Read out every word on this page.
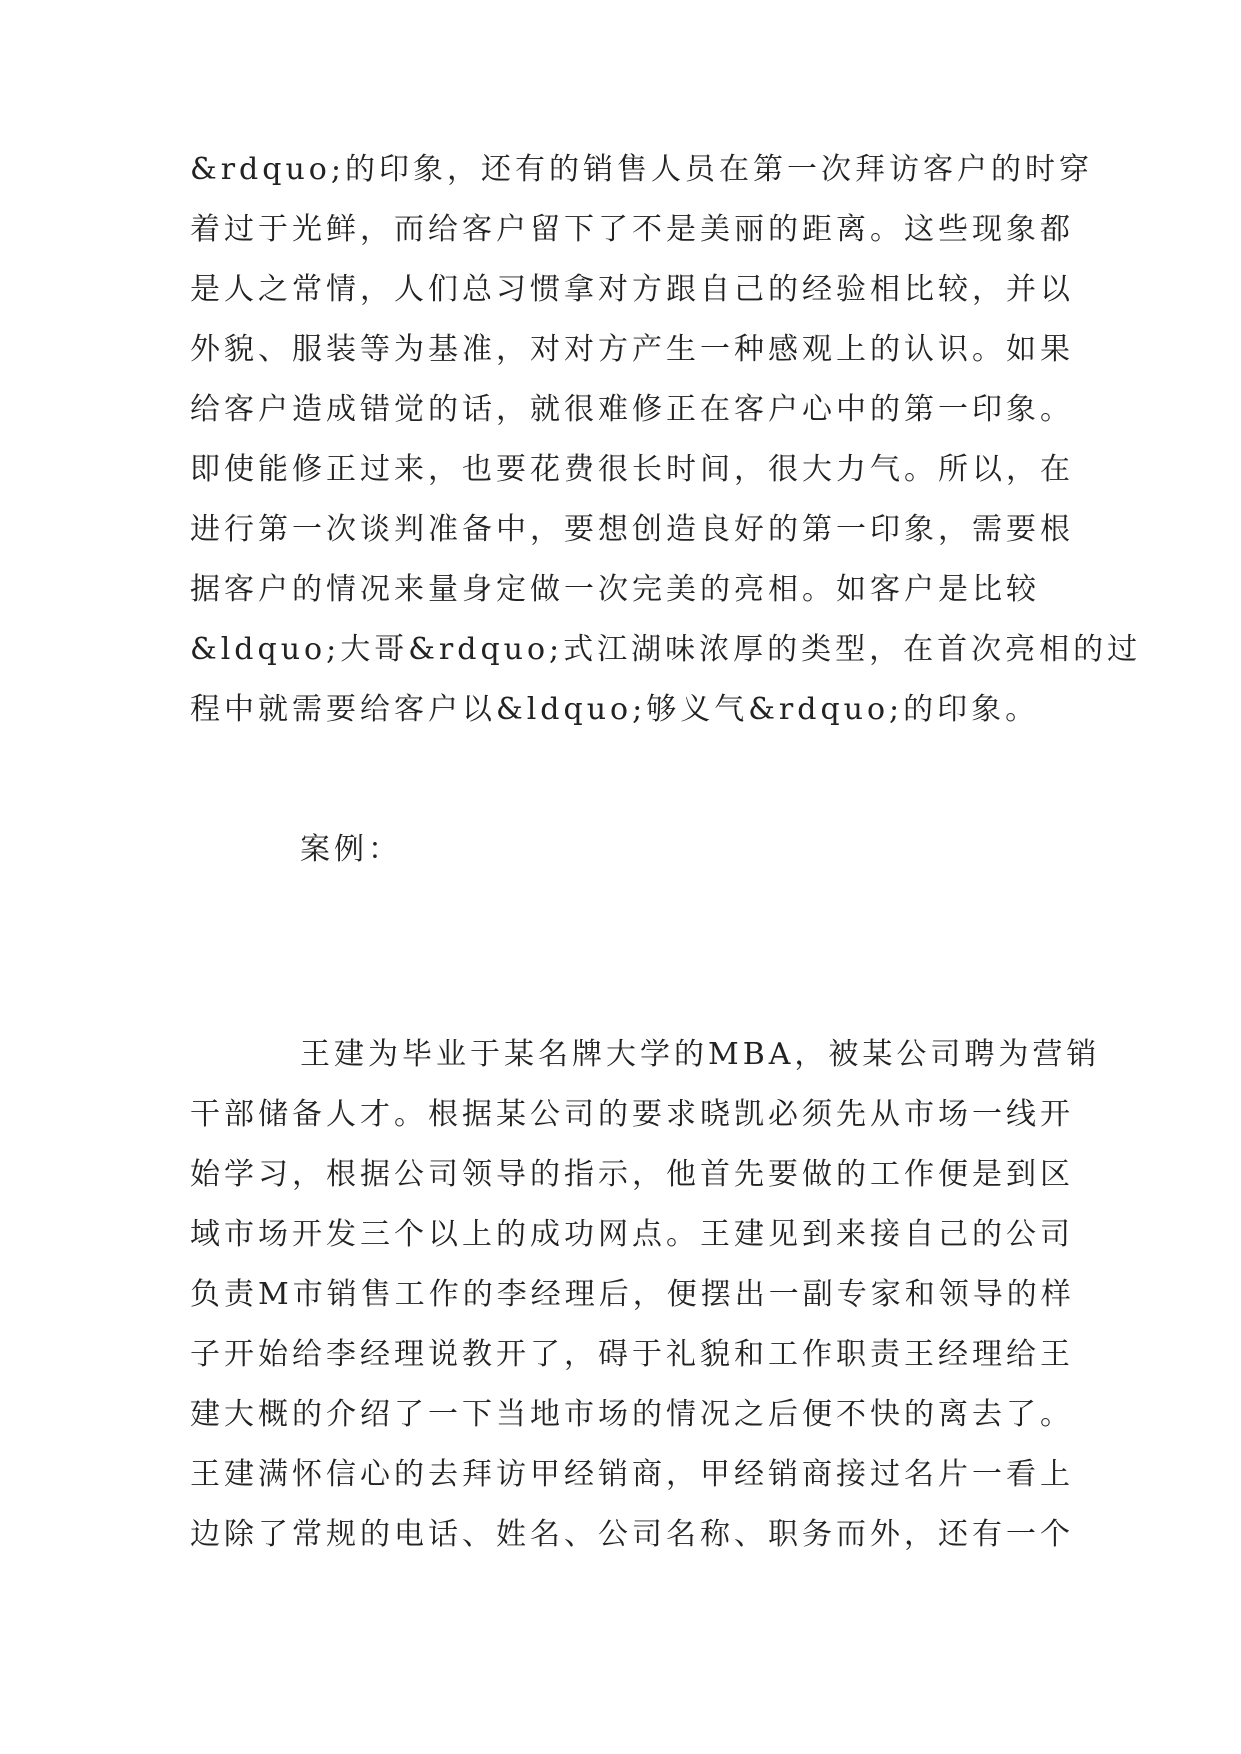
&rdquo;的印象，还有的销售人员在第一次拜访客户的时穿
着过于光鲜，而给客户留下了不是美丽的距离。这些现象都
是人之常情，人们总习惯拿对方跟自己的经验相比较，并以
外貌、服装等为基准，对对方产生一种感观上的认识。如果
给客户造成错觉的话，就很难修正在客户心中的第一印象。
即使能修正过来，也要花费很长时间，很大力气。所以，在
进行第一次谈判准备中，要想创造良好的第一印象，需要根
据客户的情况来量身定做一次完美的亮相。如客户是比较
&ldquo;大哥&rdquo;式江湖味浓厚的类型，在首次亮相的过
程中就需要给客户以&ldquo;够义气&rdquo;的印象。
案例：
王建为毕业于某名牌大学的MBA，被某公司聘为营销
干部储备人才。根据某公司的要求晓凯必须先从市场一线开
始学习，根据公司领导的指示，他首先要做的工作便是到区
域市场开发三个以上的成功网点。王建见到来接自己的公司
负责M市销售工作的李经理后，便摆出一副专家和领导的样
子开始给李经理说教开了，碍于礼貌和工作职责王经理给王
建大概的介绍了一下当地市场的情况之后便不快的离去了。
王建满怀信心的去拜访甲经销商，甲经销商接过名片一看上
边除了常规的电话、姓名、公司名称、职务而外，还有一个
